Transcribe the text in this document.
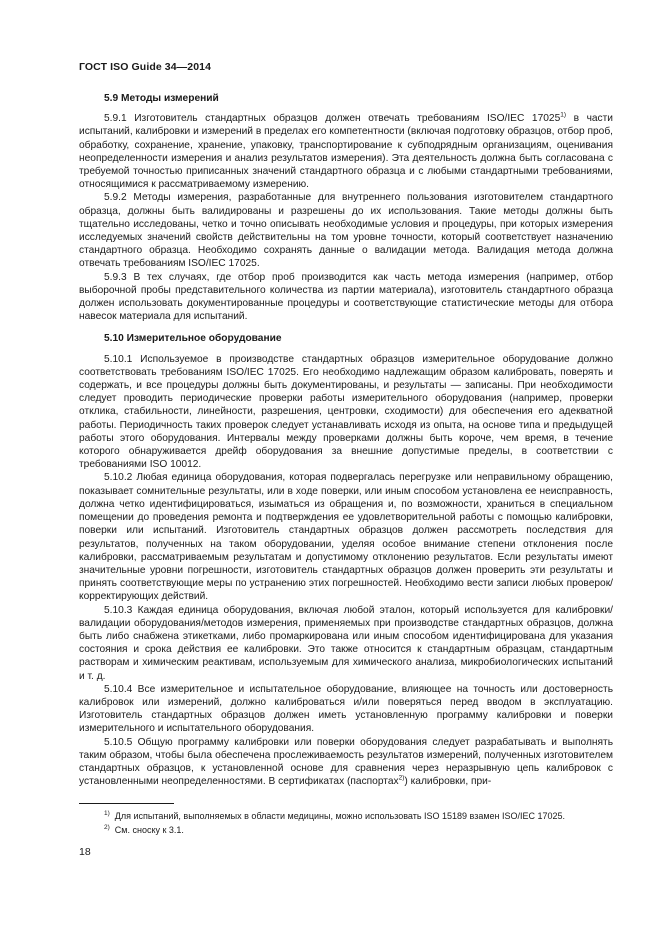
ГОСТ ISO Guide 34—2014
5.9 Методы измерений

5.9.1 Изготовитель стандартных образцов должен отвечать требованиям ISO/IEC 17025$^{1)}$ в части испытаний, калибровки и измерений в пределах его компетентности (включая подготовку образцов, отбор проб, обработку, сохранение, хранение, упаковку, транспортирование к субподрядным организациям, оценивания неопределенности измерения и анализ результатов измерения). Эта деятельность должна быть согласована с требуемой точностью приписанных значений стандартного образца и с любыми стандартными требованиями, относящимися к рассматриваемому измерению.

5.9.2 Методы измерения, разработанные для внутреннего пользования изготовителем стандартного образца, должны быть валидированы и разрешены до их использования. Такие методы должны быть тщательно исследованы, четко и точно описывать необходимые условия и процедуры, при которых измерения исследуемых значений свойств действительны на том уровне точности, который соответствует назначению стандартного образца. Необходимо сохранять данные о валидации метода. Валидация метода должна отвечать требованиям ISO/IEC 17025.

5.9.3 В тех случаях, где отбор проб производится как часть метода измерения (например, отбор выборочной пробы представительного количества из партии материала), изготовитель стандартного образца должен использовать документированные процедуры и соответствующие статистические методы для отбора навесок материала для испытаний.

5.10 Измерительное оборудование

5.10.1 Используемое в производстве стандартных образцов измерительное оборудование должно соответствовать требованиям ISO/IEC 17025. Его необходимо надлежащим образом калибровать, поверять и содержать, и все процедуры должны быть документированы, и результаты — записаны. При необходимости следует проводить периодические проверки работы измерительного оборудования (например, проверки отклика, стабильности, линейности, разрешения, центровки, сходимости) для обеспечения его адекватной работы. Периодичность таких проверок следует устанавливать исходя из опыта, на основе типа и предыдущей работы этого оборудования. Интервалы между проверками должны быть короче, чем время, в течение которого обнаруживается дрейф оборудования за внешние допустимые пределы, в соответствии с требованиями ISO 10012.

5.10.2 Любая единица оборудования, которая подвергалась перегрузке или неправильному обращению, показывает сомнительные результаты, или в ходе поверки, или иным способом установлена ее неисправность, должна четко идентифицироваться, изыматься из обращения и, по возможности, храниться в специальном помещении до проведения ремонта и подтверждения ее удовлетворительной работы с помощью калибровки, поверки или испытаний. Изготовитель стандартных образцов должен рассмотреть последствия для результатов, полученных на таком оборудовании, уделяя особое внимание степени отклонения после калибровки, рассматриваемым результатам и допустимому отклонению результатов. Если результаты имеют значительные уровни погрешности, изготовитель стандартных образцов должен проверить эти результаты и принять соответствующие меры по устранению этих погрешностей. Необходимо вести записи любых проверок/корректирующих действий.

5.10.3 Каждая единица оборудования, включая любой эталон, который используется для калибровки/валидации оборудования/методов измерения, применяемых при производстве стандартных образцов, должна быть либо снабжена этикетками, либо промаркирована или иным способом идентифицирована для указания состояния и срока действия ее калибровки. Это также относится к стандартным образцам, стандартным растворам и химическим реактивам, используемым для химического анализа, микробиологических испытаний и т. д.

5.10.4 Все измерительное и испытательное оборудование, влияющее на точность или достоверность калибровок или измерений, должно калиброваться и/или поверяться перед вводом в эксплуатацию. Изготовитель стандартных образцов должен иметь установленную программу калибровки и поверки измерительного и испытательного оборудования.

5.10.5 Общую программу калибровки или поверки оборудования следует разрабатывать и выполнять таким образом, чтобы была обеспечена прослеживаемость результатов измерений, полученных изготовителем стандартных образцов, к установленной основе для сравнения через неразрывную цепь калибровок с установленными неопределенностями. В сертификатах (паспортах$^{2)}$) калибровки, при-

$^{1)}$ Для испытаний, выполняемых в области медицины, можно использовать ISO 15189 взамен ISO/IEC 17025.

$^{2)}$ См. сноску к 3.1.

18
